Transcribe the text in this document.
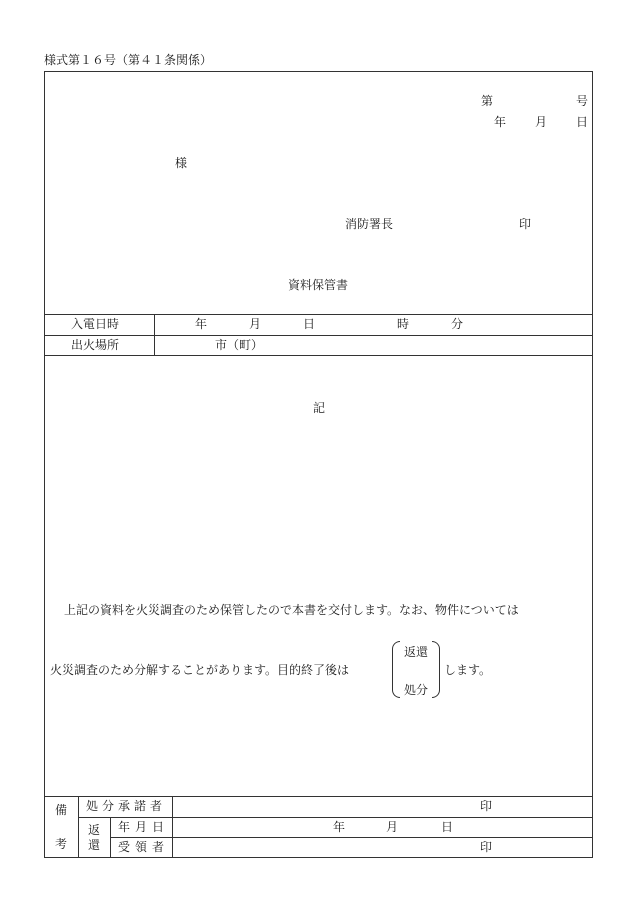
様式第１６号（第４１条関係）
第	号
年 月 日
様
消防署長	印
資料保管書
入電日時	年	月	日	時	分
出火場所	市（町）
記
上記の資料を火災調査のため保管したので本書を交付します。なお、物件については
火災調査のため分解することがあります。目的終了後は
返還
処分
します。
備
考
処分承諾者	印
返還
年月日	年	月	日
受領者	印
